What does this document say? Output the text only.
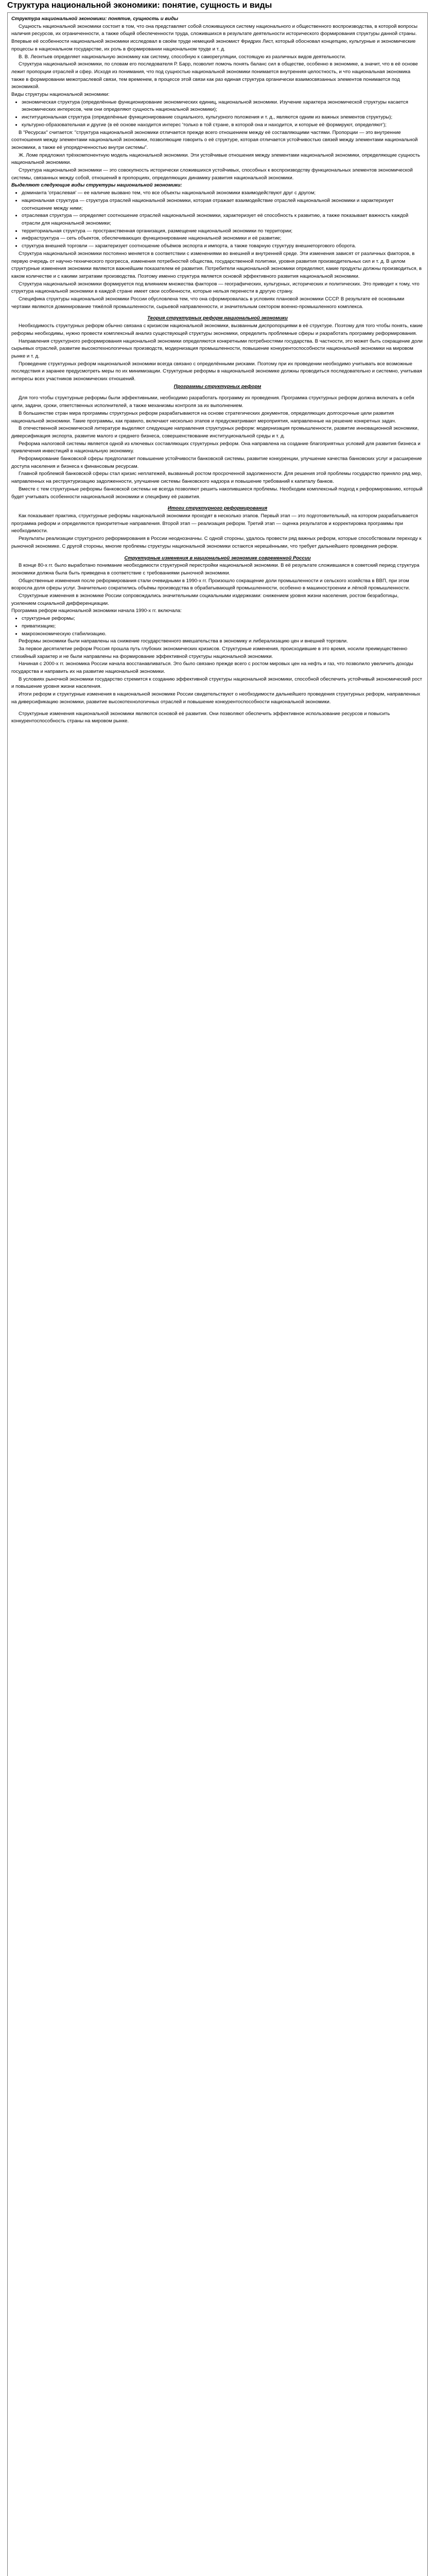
Структура национальной экономики: понятие, сущность и виды

Структура национальной экономики: понятие, сущность и виды

Сущность национальной экономики состоит в том, что она представляет собой сложившуюся систему национального и общественного воспроизводства, в которой вопросы наличия ресурсов, их ограниченности, а также общей обеспеченности труда, сложившихся в результате деятельности исторического формирования структуры данной страны. Впервые её особенности национальной экономики исследовал в своём труде немецкий экономист Фридрих Лист, который обосновал концепцию, культурные и экономические процессы в национальном государстве, их роль в формировании национальном труде и т. д.

В. В. Леонтьев определяет национальную экономику как систему, способную к саморегуляции, состоящую из различных видов деятельности.

Структура национальной экономики, по словам его последователя Р. Барр, позволит помочь понять баланс сил в обществе, особенно в экономике, а значит, что в её основе лежит пропорции отраслей и сфер. Исходя из понимания, что под сущностью национальной экономики понимается внутренняя целостность, и что национальная экономика также в формировании межотраслевой связи, тем временем, в процессе этой связи как раз единая структура органически взаимосвязанных элементов понимается под экономикой.

Виды структуры национальной экономики:

• экономическая структура (определённые функционирование экономических единиц, национальной экономики. Изучение характера экономической структуры касается экономических интересов, чем они определяют сущность национальной экономики);
• институциональная структура (определённые функционирование социального, культурного положения и т. д., являются одним из важных элементов структуры);
• культурно-образовательная и другие (в её основе находится интерес 'только в той стране, в которой она и находится, и которые её формируют, определяют');

В "Ресурсах" считается: "структура национальной экономики отличается прежде всего отношением между её составляющими частями. Пропорции — это внутренние соотношения между элементами национальной экономики, позволяющие говорить о её структуре, которая отличается устойчивостью связей между элементами национальной экономики, а также её упорядоченностью внутри системы".

Ж. Ломе предложил трёхкомпонентную модель национальной экономики. Эти устойчивые отношения между элементами национальной экономики, определяющие сущность национальной экономики.

Структура национальной экономики — это совокупность исторически сложившихся устойчивых, способных к воспроизводству функциональных элементов экономической системы, связанных между собой, отношений в пропорциях, определяющих динамику развития национальной экономики.

Выделяют следующие виды структуры национальной экономики:

• доминанта 'отраслевая' — ее наличие вызвано тем, что все объекты национальной экономики взаимодействуют друг с другом;
• национальная структура — структура отраслей национальной экономики, которая отражает взаимодействие отраслей национальной экономики и характеризует соотношение между ними;
• отраслевая структура — определяет соотношение отраслей национальной экономики, характеризует её способность к развитию, а также показывает важность каждой отрасли для национальной экономики;
• территориальная структура — пространственная организация, размещение национальной экономики по территории;
• инфраструктура — сеть объектов, обеспечивающих функционирование национальной экономики и её развитие;
• структура внешней торговли — характеризует соотношение объёмов экспорта и импорта, а также товарную структуру внешнеторгового оборота.

Структура национальной экономики постоянно меняется в соответствии с изменениями во внешней и внутренней среде. Эти изменения зависят от различных факторов, в первую очередь от научно-технического прогресса, изменения потребностей общества, государственной политики, уровня развития производительных сил и т. д. В целом структурные изменения экономики являются важнейшим показателем её развития. Потребители национальной экономики определяют, какие продукты должны производиться, в каком количестве и с какими затратами производства. Поэтому именно структура является основой эффективного развития национальной экономики.

Структура национальной экономики формируется под влиянием множества факторов — географических, культурных, исторических и политических. Это приводит к тому, что структура национальной экономики в каждой стране имеет свои особенности, которые нельзя перенести в другую страну.

Специфика структуры национальной экономики России обусловлена тем, что она сформировалась в условиях плановой экономики СССР. В результате её основными чертами являются доминирование тяжёлой промышленности, сырьевой направленности, и значительным сектором военно-промышленного комплекса.

Теория структурных реформ национальной экономики

Необходимость структурных реформ обычно связана с кризисом национальной экономики, вызванным диспропорциями в её структуре. Поэтому для того чтобы понять, какие реформы необходимы, нужно провести комплексный анализ существующей структуры экономики, определить проблемные сферы и разработать программу реформирования.

Направления структурного реформирования национальной экономики определяются конкретными потребностями государства. В частности, это может быть сокращение доли сырьевых отраслей, развитие высокотехнологичных производств, модернизация промышленности, повышение конкурентоспособности национальной экономики на мировом рынке и т. д.

Проведение структурных реформ национальной экономики всегда связано с определёнными рисками. Поэтому при их проведении необходимо учитывать все возможные последствия и заранее предусмотреть меры по их минимизации. Структурные реформы в национальной экономике должны проводиться последовательно и системно, учитывая интересы всех участников экономических отношений.

Программы структурных реформ

Для того чтобы структурные реформы были эффективными, необходимо разработать программу их проведения. Программа структурных реформ должна включать в себя цели, задачи, сроки, ответственных исполнителей, а также механизмы контроля за их выполнением.

В большинстве стран мира программы структурных реформ разрабатываются на основе стратегических документов, определяющих долгосрочные цели развития национальной экономики. Такие программы, как правило, включают несколько этапов и предусматривают мероприятия, направленные на решение конкретных задач.

В отечественной экономической литературе выделяют следующие направления структурных реформ: модернизация промышленности, развитие инновационной экономики, диверсификация экспорта, развитие малого и среднего бизнеса, совершенствование институциональной среды и т. д.

Реформа налоговой системы является одной из ключевых составляющих структурных реформ. Она направлена на создание благоприятных условий для развития бизнеса и привлечения инвестиций в национальную экономику.

Реформирование банковской сферы предполагает повышение устойчивости банковской системы, развитие конкуренции, улучшение качества банковских услуг и расширение доступа населения и бизнеса к финансовым ресурсам.

Главной проблемой банковской сферы стал кризис неплатежей, вызванный ростом просроченной задолженности. Для решения этой проблемы государство приняло ряд мер, направленных на реструктуризацию задолженности, улучшение системы банковского надзора и повышение требований к капиталу банков.

Вместе с тем структурные реформы банковской системы не всегда позволяют решить накопившиеся проблемы. Необходим комплексный подход к реформированию, который будет учитывать особенности национальной экономики и специфику её развития.

Итоги структурного реформирования

Как показывает практика, структурные реформы национальной экономики проходят в несколько этапов. Первый этап — это подготовительный, на котором разрабатывается программа реформ и определяются приоритетные направления. Второй этап — реализация реформ. Третий этап — оценка результатов и корректировка программы при необходимости.

Результаты реализации структурного реформирования в России неоднозначны. С одной стороны, удалось провести ряд важных реформ, которые способствовали переходу к рыночной экономике. С другой стороны, многие проблемы структуры национальной экономики остаются нерешёнными, что требует дальнейшего проведения реформ.

Структурные изменения в национальной экономике современной России

В конце 80-х гг. было выработано понимание необходимости структурной перестройки национальной экономики. В её результате сложившаяся в советский период структура экономики должна была быть приведена в соответствие с требованиями рыночной экономики.

Общественные изменения после реформирования стали очевидными в 1990-х гг. Произошло сокращение доли промышленности и сельского хозяйства в ВВП, при этом возросла доля сферы услуг. Значительно сократились объёмы производства в обрабатывающей промышленности, особенно в машиностроении и лёгкой промышленности.

Структурные изменения в экономике России сопровождались значительными социальными издержками: снижением уровня жизни населения, ростом безработицы, усилением социальной дифференциации.

Программа реформ национальной экономики начала 1990-х гг. включала:

• структурные реформы;
• приватизацию;
• макроэкономическую стабилизацию.

Реформы экономики были направлены на снижение государственного вмешательства в экономику и либерализацию цен и внешней торговли.

За первое десятилетие реформ Россия прошла путь глубоких экономических кризисов. Структурные изменения, происходившие в это время, носили преимущественно стихийный характер и не были направлены на формирование эффективной структуры национальной экономики.

Начиная с 2000-х гг. экономика России начала восстанавливаться. Это было связано прежде всего с ростом мировых цен на нефть и газ, что позволило увеличить доходы государства и направить их на развитие национальной экономики.

В условиях рыночной экономики государство стремится к созданию эффективной структуры национальной экономики, способной обеспечить устойчивый экономический рост и повышение уровня жизни населения.

Итоги реформ и структурные изменения в национальной экономике России свидетельствуют о необходимости дальнейшего проведения структурных реформ, направленных на диверсификацию экономики, развитие высокотехнологичных отраслей и повышение конкурентоспособности национальной экономики.

Структурные изменения национальной экономики являются основой её развития. Они позволяют обеспечить эффективное использование ресурсов и повысить конкурентоспособность страны на мировом рынке.
